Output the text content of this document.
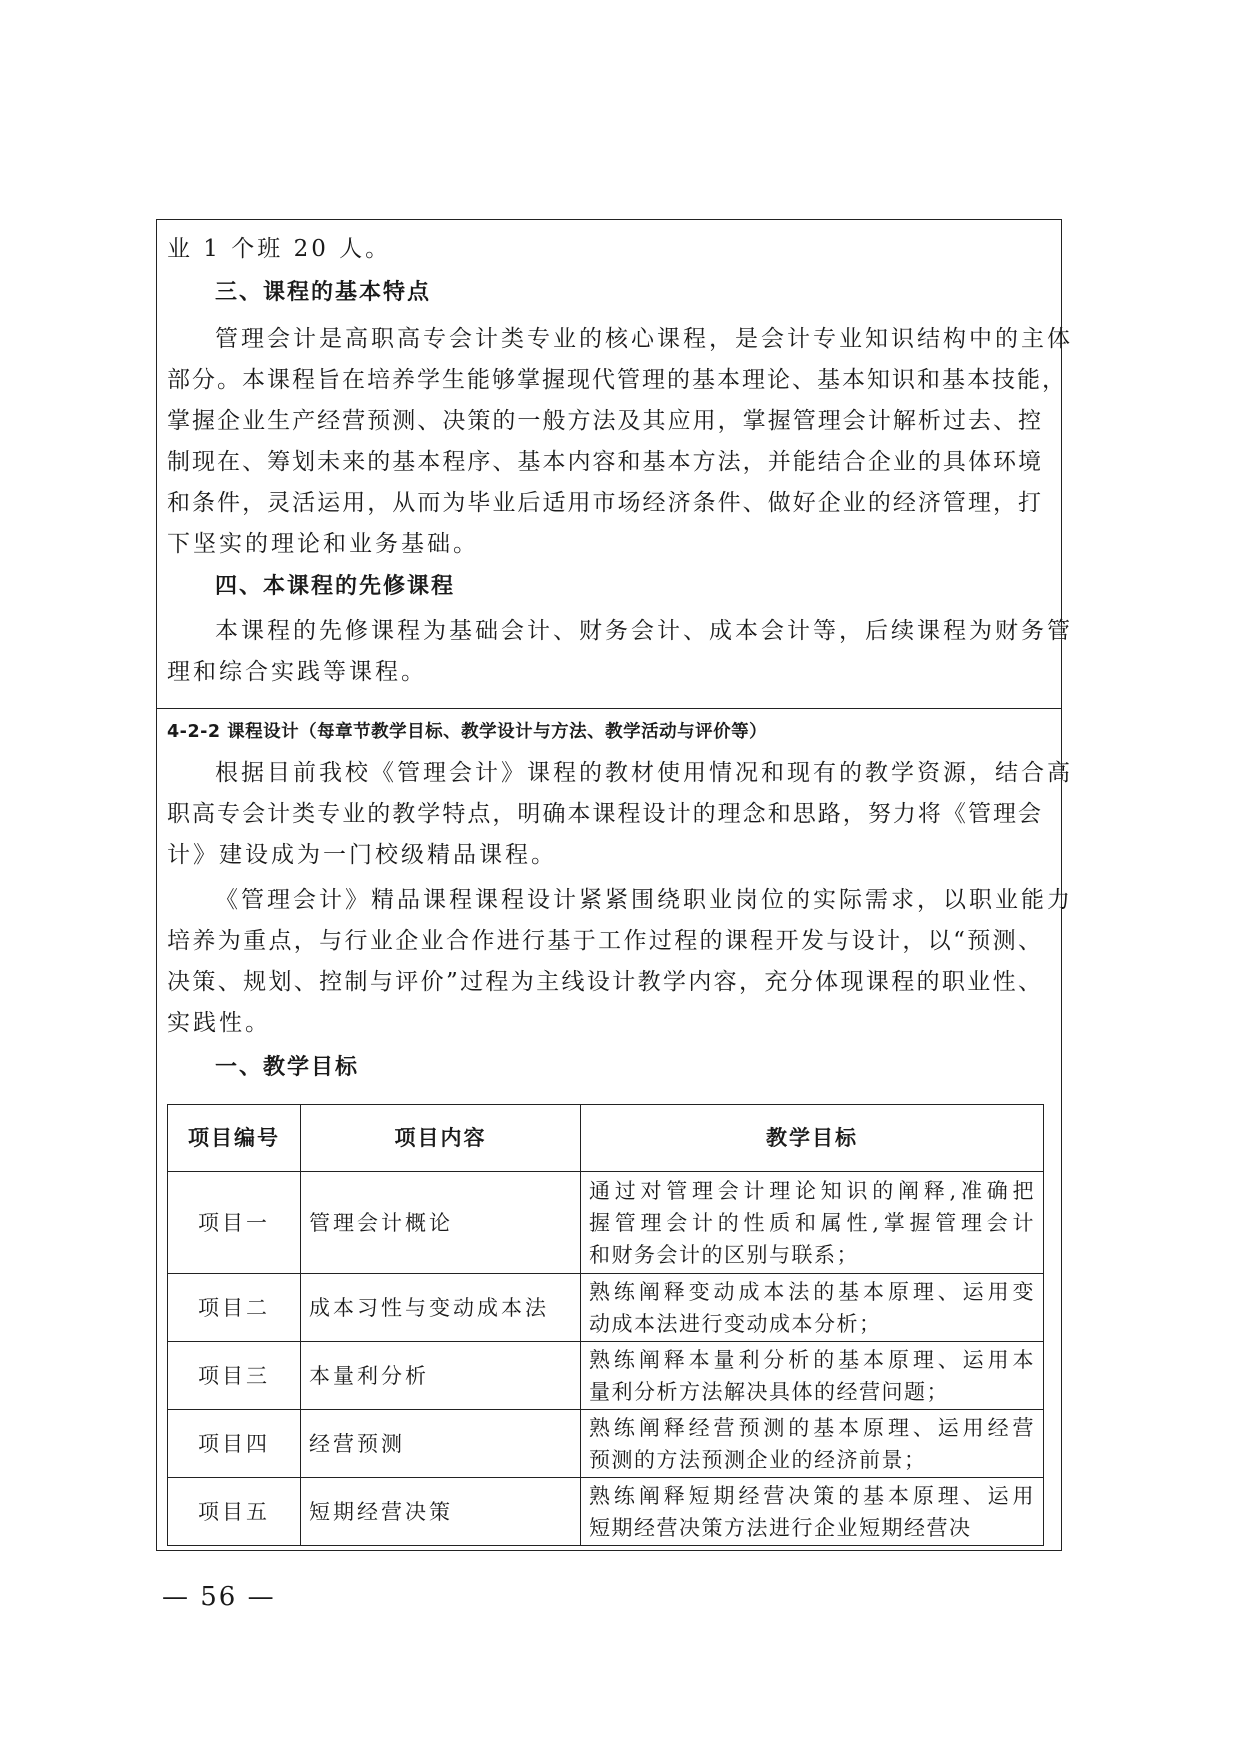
业 1 个班 20 人。
三、课程的基本特点
管理会计是高职高专会计类专业的核心课程，是会计专业知识结构中的主体
部分。本课程旨在培养学生能够掌握现代管理的基本理论、基本知识和基本技能，
掌握企业生产经营预测、决策的一般方法及其应用，掌握管理会计解析过去、控
制现在、筹划未来的基本程序、基本内容和基本方法，并能结合企业的具体环境
和条件，灵活运用，从而为毕业后适用市场经济条件、做好企业的经济管理，打
下坚实的理论和业务基础。
四、本课程的先修课程
本课程的先修课程为基础会计、财务会计、成本会计等，后续课程为财务管
理和综合实践等课程。
4-2-2 课程设计（每章节教学目标、教学设计与方法、教学活动与评价等）
根据目前我校《管理会计》课程的教材使用情况和现有的教学资源，结合高
职高专会计类专业的教学特点，明确本课程设计的理念和思路，努力将《管理会
计》建设成为一门校级精品课程。
《管理会计》精品课程课程设计紧紧围绕职业岗位的实际需求，以职业能力
培养为重点，与行业企业合作进行基于工作过程的课程开发与设计，以“预测、
决策、规划、控制与评价”过程为主线设计教学内容，充分体现课程的职业性、
实践性。
一、教学目标
项目编号	项目内容	教学目标
项目一	管理会计概论	通过对管理会计理论知识的阐释,准确把
握管理会计的性质和属性,掌握管理会计
和财务会计的区别与联系；

项目二	成本习性与变动成本法	熟练阐释变动成本法的基本原理、运用变
动成本法进行变动成本分析；

项目三	本量利分析	熟练阐释本量利分析的基本原理、运用本
量利分析方法解决具体的经营问题；

项目四	经营预测	熟练阐释经营预测的基本原理、运用经营
预测的方法预测企业的经济前景；

项目五	短期经营决策	熟练阐释短期经营决策的基本原理、运用
短期经营决策方法进行企业短期经营决
— 56 —
